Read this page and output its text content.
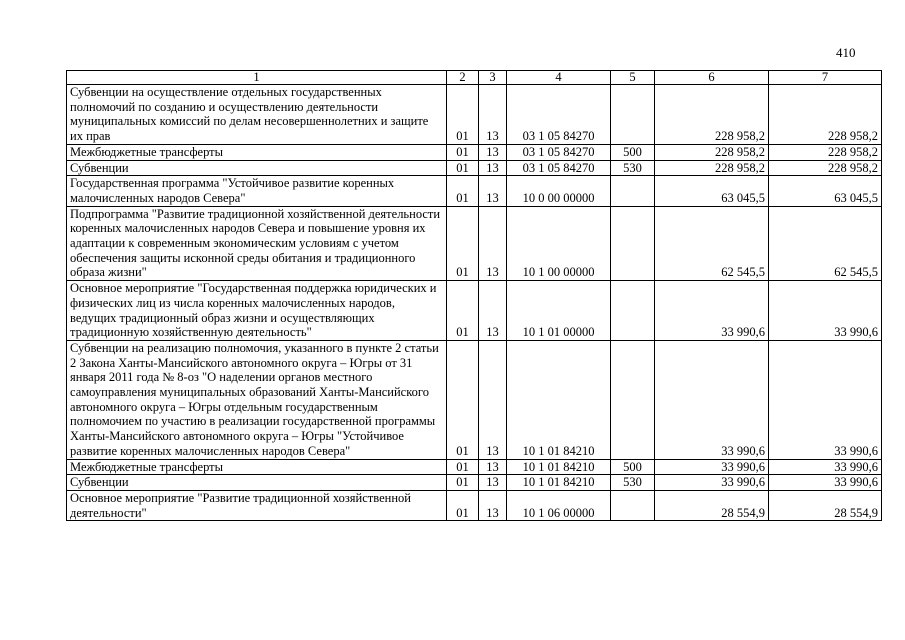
410
1	2	3	4	5	6	7
Субвенции на осуществление отдельных государственных полномочий по созданию и осуществлению деятельности муниципальных комиссий по делам несовершеннолетних и защите их прав	01	13	03 1 05 84270		228 958,2	228 958,2
Межбюджетные трансферты	01	13	03 1 05 84270	500	228 958,2	228 958,2
Субвенции	01	13	03 1 05 84270	530	228 958,2	228 958,2
Государственная программа "Устойчивое развитие коренных малочисленных народов Севера"	01	13	10 0 00 00000		63 045,5	63 045,5
Подпрограмма "Развитие традиционной хозяйственной деятельности коренных малочисленных народов Севера и повышение уровня их адаптации к современным экономическим условиям с учетом обеспечения защиты исконной среды обитания и традиционного образа жизни"	01	13	10 1 00 00000		62 545,5	62 545,5
Основное мероприятие "Государственная поддержка юридических и физических лиц из числа коренных малочисленных народов, ведущих традиционный образ жизни и осуществляющих традиционную хозяйственную деятельность"	01	13	10 1 01 00000		33 990,6	33 990,6
Субвенции на реализацию полномочия, указанного в пункте 2 статьи 2 Закона Ханты-Мансийского автономного округа – Югры от 31 января 2011 года № 8-оз "О наделении органов местного самоуправления муниципальных образований Ханты-Мансийского автономного округа – Югры отдельным государственным полномочием по участию в реализации государственной программы Ханты-Мансийского автономного округа – Югры "Устойчивое развитие коренных малочисленных народов Севера"	01	13	10 1 01 84210		33 990,6	33 990,6
Межбюджетные трансферты	01	13	10 1 01 84210	500	33 990,6	33 990,6
Субвенции	01	13	10 1 01 84210	530	33 990,6	33 990,6
Основное мероприятие "Развитие традиционной хозяйственной деятельности"	01	13	10 1 06 00000		28 554,9	28 554,9
